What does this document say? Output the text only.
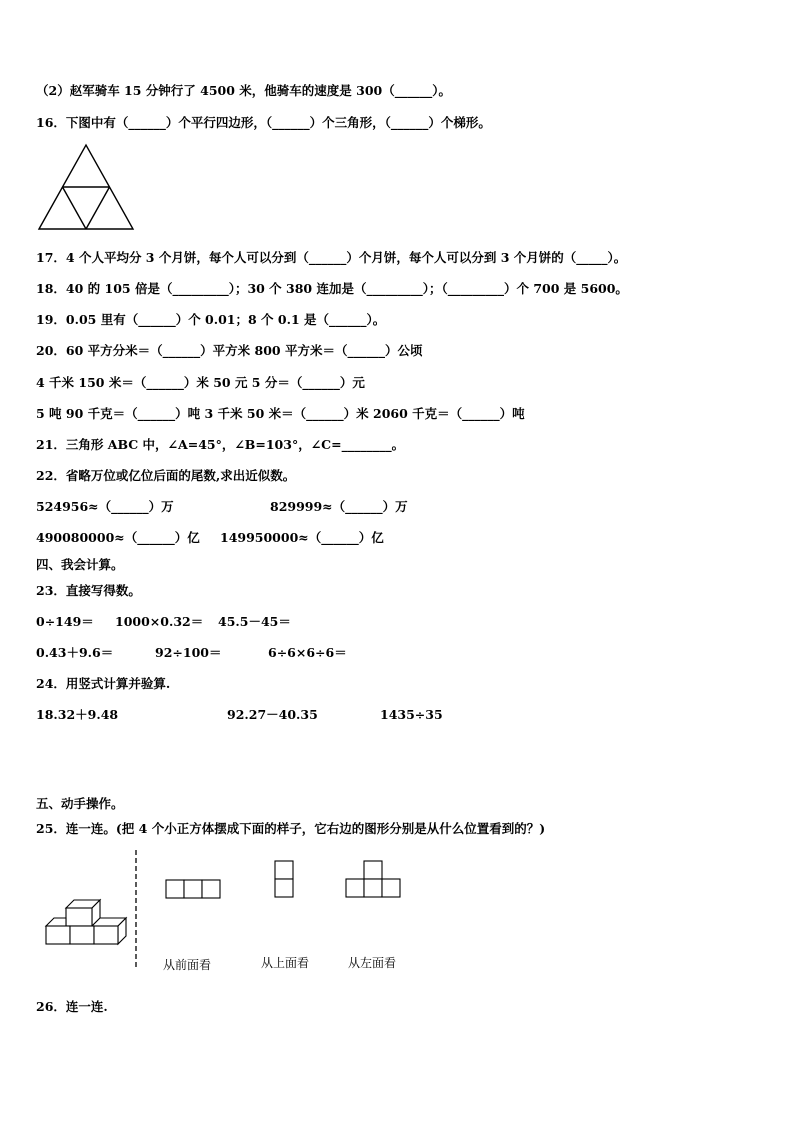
（2）赵军骑车 15 分钟行了 4500 米，他骑车的速度是 300（______）。
16．下图中有（______）个平行四边形，（______）个三角形，（______）个梯形。
17．4 个人平均分 3 个月饼，每个人可以分到（______）个月饼，每个人可以分到 3 个月饼的（_____）。
18．40 的 105 倍是（_________）；30 个 380 连加是（_________）；（_________）个 700 是 5600。
19．0.05 里有（______）个 0.01；8 个 0.1 是（______）。
20．60 平方分米＝（______）平方米 800 平方米＝（______）公顷
4 千米 150 米＝（______）米 50 元 5 分＝（______）元
5 吨 90 千克＝（______）吨 3 千米 50 米＝（______）米 2060 千克＝（______）吨
21．三角形 ABC 中，∠A=45°，∠B=103°，∠C=________。
22．省略万位或亿位后面的尾数,求出近似数。
524956≈（______）万	829999≈（______）万
490080000≈（______）亿 149950000≈（______）亿
四、我会计算。
23．直接写得数。
0÷149＝ 1000×0.32＝ 45.5－45＝
0.43＋9.6＝	92÷100＝	6÷6×6÷6＝
24．用竖式计算并验算.
18.32＋9.48	92.27－40.35	1435÷35
五、动手操作。
25．连一连。(把 4 个小正方体摆成下面的样子，它右边的图形分别是从什么位置看到的？)
从前面看	从上面看	从左面看
26．连一连.
